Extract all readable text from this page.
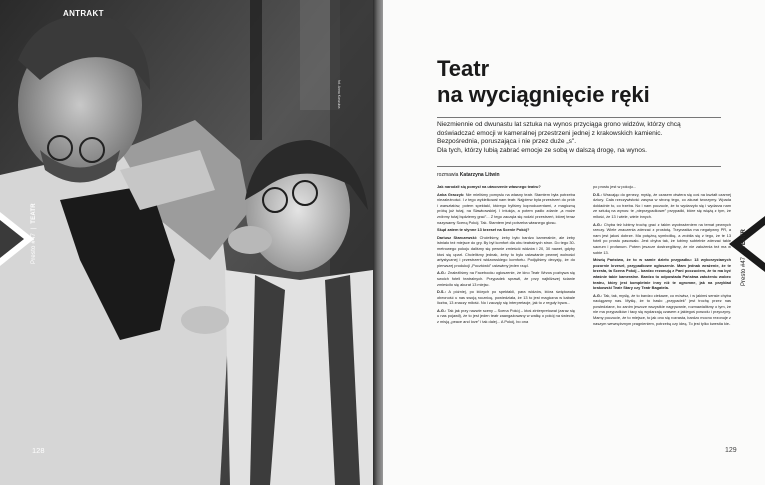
ANTRAKT
fot. Anna Kaszuba
Presto #47  |  TEATR
128
Teatr
na wyciągnięcie ręki

Niezmiennie od dwunastu lat sztuka na wynos przyciąga grono widzów, którzy chcą

doświadczać emocji w kameralnej przestrzeni jednej z krakowskich kamienic.

Bezpośrednia, poruszająca i nie przez duże „s".

Dla tych, którzy lubią zabrać emocje ze sobą w dalszą drogę, na wynos.

rozmawia Katarzyna Litwin

Jak narodził się pomysł na utworzenie własnego teatru?

Anka Graczyk: Nie mieliśmy pomysłu na własny teatr. Stamtem była potrzeba niezależności. I z tego wykiełkował nam teatr. Najpierw była przestrzeń do prób i warsztatów, potem spektakl, którego byliśmy koproducentami, z magiczną próbą już tutaj, na Sławkowskiej. I intuicja, a potem padło zdanie „a może zróbmy tutaj będziemy grać"... Z tego zaczęła się rodzić przestrzeń, której teraz nazywamy Sceną Pokój. Tak. Stamtem jest potrzeba własnego głosu.

Skąd zatem te słynne 13 krzeseł na Scenie Pokój?

Dariusz Starczewski: Chcieliśmy, żeby było bardzo kameralnie, ale żeby istniało też miejsce do gry. By był komfort dla obu teatralnych stron. Do tego 30-metrowego pokoju daliśmy się pewnie zmieścić widzów i 20, 30 nawet, gdyby ktoś się uparł. Chcieliśmy jednak, żeby to było ustawianie pewnej wolności artystycznej i przestrzeni widzowskiego komfortu. Podjęliśmy decyzję, że do pierwszej produkcji „Pocztówki" ustawimy jeden rząd.

A.G.: Znaleźliśmy na Facebooku ogłoszenie, że kino Teatr Wrzos pozbywa się swoich foteli teatralnych. Przypadek sprawił, że przy najbliższej ścianie zmieściło się akurat 13 miejsc.

D.S.: A później, po których po spektakli, para widzów, która świętowała obecność u nas swoją rocznicę, powiedziała, że 13 to jest magiczna w kabale liczba, 13 znaczy miłość. No i zaczęły się interpretacje, jak to z reguły bywa...

A.G.: Tak jak przy nazwie sceny – Scena Pokój – ktoś zinterpretował (zaraz się u nas pojawił), że to jest jeden teatr zaangażowany w walkę o pokój na świecie, z misją „peace and love" i tak dalej... A Pokój, bo ona

po prostu jest w pokoju...

D.S.: Wracając do genezy, myślę, że czasem otwiera się coś na kształt czarnej dziury. Cała rzeczywistość zasysa w stronę tego, co akurat tworzymy. Wpada dokładnie to, co trzeba. No i nam poczucie, że to wydarzyło się i wydarza nam ze sztuką na wynos: te „nieprzypadkowe" przypadki, które się wiążą z tym, że miłość, że 13 i wiele, wiele innych.

A.G.: Chyba też lubimy trochę grać z takim wyobrażeniem na temat pewnych rzeczy. Wiele znaczenia zderzać z prostotą. Trzynastka ma negatywny PR, a nam jest jakoś dobrze. Ma potężną symbolikę, a zrobiła się z tego, że te 13 foteli po prostu pasowało. Jest chyba tak, że lubimy subtelnie zderzać takie sacrum i profanum. Potem jeszcze dostrzegliśmy, że nie założenia też ma w sobie 13.

Mówią Państwo, że to w samie dzieło przypadku: 13 wykorzystanych pozornie krzeseł, przypadkowe ogłoszenie. Mam jednak wrażenie, że te krzesła, ta Scena Pokój – bardzo rezonują z Pani poczuciem, że to ma być właśnie takie kameralne. Bardzo to odpowiada Państwa założeniu wobec teatru, który jest kompletnie inny niż te ogromne, jak na przykład krakowski Teatr Stary czy Teatr Bagatela.

A.G.: Tak, tak, myślę, że to bardzo ciekawe, co mówisz, i w jakimś sensie chyba naciągamy nas. Myślę, że to hasło „przypadek" jest trochę przez nas powiedziane, bo zanim jeszcze wszystkie nagrywanie, rozmawialiśmy o tym, że nie ma przypadków i tacy się wydarzają czasem z jakiegoś powodu i przyczyny. Mamy poczucie, że to miejsce, to jak ono się rozrasta, bardzo mocno rezonuje z naszym wewnętrznym pragnieniem, potrzebą czy ideą. To jest tylko kwestia kie-

Presto #47  |  TEATR
129
